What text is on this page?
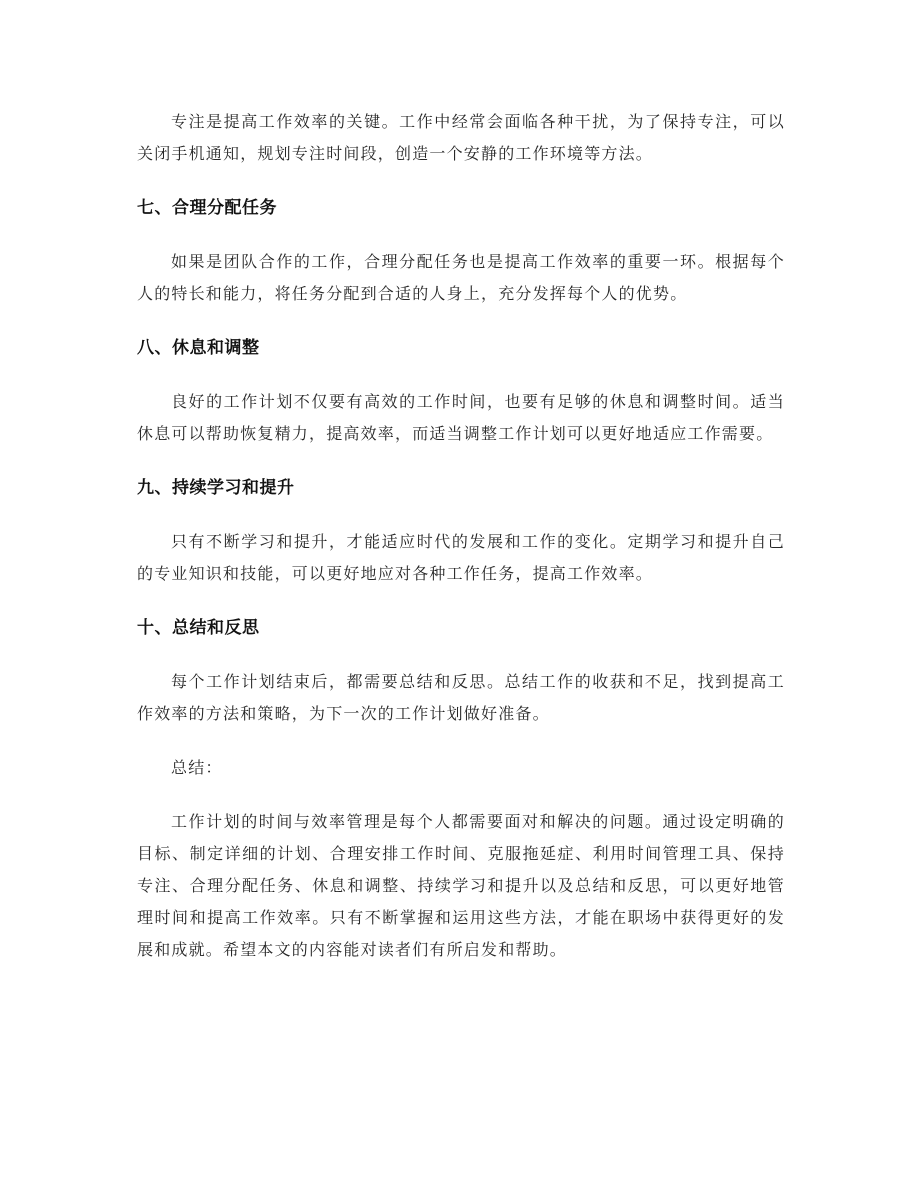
专注是提高工作效率的关键。工作中经常会面临各种干扰，为了保持专注，可以关闭手机通知，规划专注时间段，创造一个安静的工作环境等方法。

七、合理分配任务

如果是团队合作的工作，合理分配任务也是提高工作效率的重要一环。根据每个人的特长和能力，将任务分配到合适的人身上，充分发挥每个人的优势。

八、休息和调整

良好的工作计划不仅要有高效的工作时间，也要有足够的休息和调整时间。适当休息可以帮助恢复精力，提高效率，而适当调整工作计划可以更好地适应工作需要。

九、持续学习和提升

只有不断学习和提升，才能适应时代的发展和工作的变化。定期学习和提升自己的专业知识和技能，可以更好地应对各种工作任务，提高工作效率。

十、总结和反思

每个工作计划结束后，都需要总结和反思。总结工作的收获和不足，找到提高工作效率的方法和策略，为下一次的工作计划做好准备。

总结：

工作计划的时间与效率管理是每个人都需要面对和解决的问题。通过设定明确的目标、制定详细的计划、合理安排工作时间、克服拖延症、利用时间管理工具、保持专注、合理分配任务、休息和调整、持续学习和提升以及总结和反思，可以更好地管理时间和提高工作效率。只有不断掌握和运用这些方法，才能在职场中获得更好的发展和成就。希望本文的内容能对读者们有所启发和帮助。
